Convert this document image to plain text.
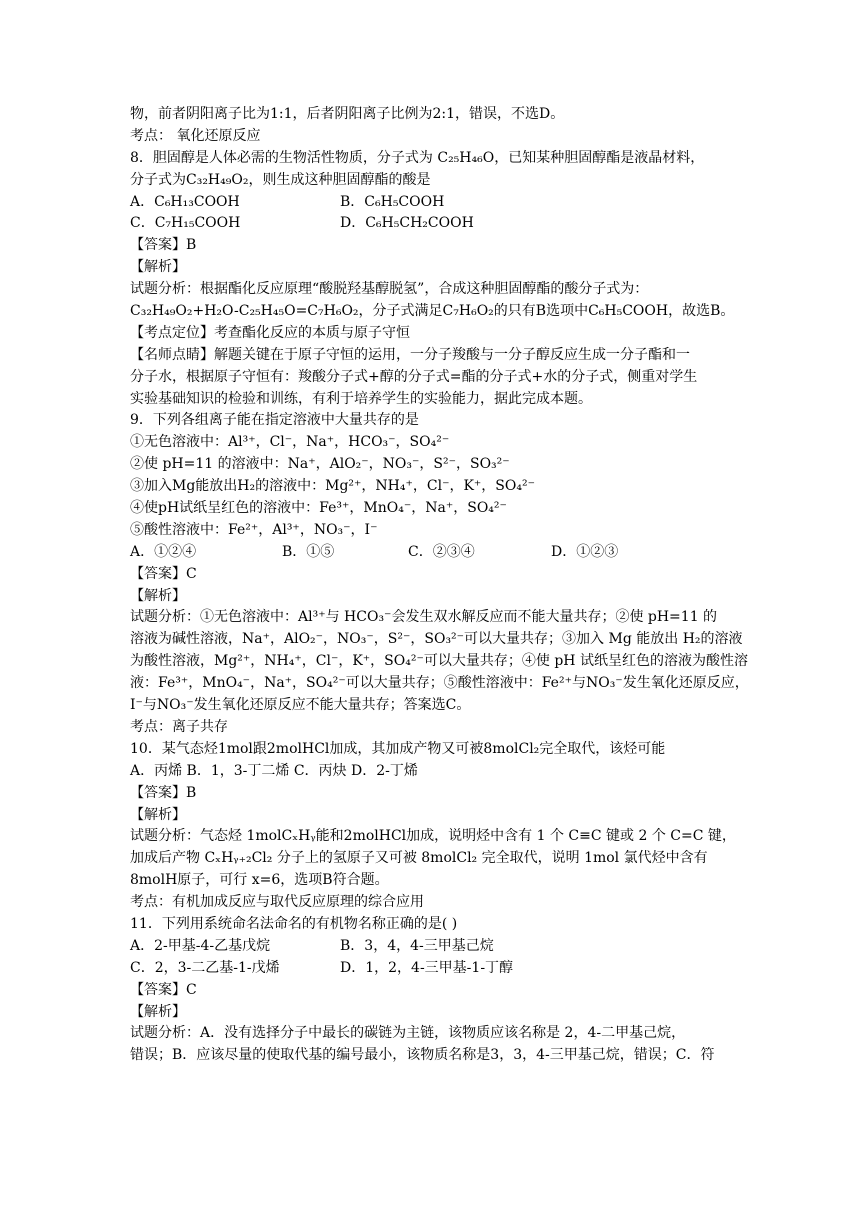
物，前者阴阳离子比为1:1，后者阴阳离子比例为2:1，错误，不选D。
考点： 氧化还原反应
8．胆固醇是人体必需的生物活性物质，分子式为 C₂₅H₄₆O，已知某种胆固醇酯是液晶材料，
分子式为C₃₂H₄₉O₂，则生成这种胆固醇酯的酸是
A．C₆H₁₃COOH	B．C₆H₅COOH
C．C₇H₁₅COOH	D．C₆H₅CH₂COOH
【答案】B
【解析】
试题分析：根据酯化反应原理“酸脱羟基醇脱氢”，合成这种胆固醇酯的酸分子式为：
C₃₂H₄₉O₂+H₂O-C₂₅H₄₅O=C₇H₆O₂，分子式满足C₇H₆O₂的只有B选项中C₆H₅COOH，故选B。
【考点定位】考查酯化反应的本质与原子守恒
【名师点睛】解题关键在于原子守恒的运用，一分子羧酸与一分子醇反应生成一分子酯和一
分子水，根据原子守恒有：羧酸分子式+醇的分子式=酯的分子式+水的分子式，侧重对学生
实验基础知识的检验和训练，有利于培养学生的实验能力，据此完成本题。
9．下列各组离子能在指定溶液中大量共存的是
①无色溶液中：Al³⁺，Cl⁻，Na⁺，HCO₃⁻，SO₄²⁻
②使 pH=11 的溶液中：Na⁺，AlO₂⁻，NO₃⁻，S²⁻，SO₃²⁻
③加入Mg能放出H₂的溶液中：Mg²⁺，NH₄⁺，Cl⁻，K⁺，SO₄²⁻
④使pH试纸呈红色的溶液中：Fe³⁺，MnO₄⁻，Na⁺，SO₄²⁻
⑤酸性溶液中：Fe²⁺，Al³⁺，NO₃⁻，I⁻
A．①②④	B．①⑤	C．②③④	D．①②③
【答案】C
【解析】
试题分析：①无色溶液中：Al³⁺与 HCO₃⁻会发生双水解反应而不能大量共存；②使 pH=11 的
溶液为碱性溶液，Na⁺，AlO₂⁻，NO₃⁻，S²⁻，SO₃²⁻可以大量共存；③加入 Mg 能放出 H₂的溶液
为酸性溶液，Mg²⁺，NH₄⁺，Cl⁻，K⁺，SO₄²⁻可以大量共存；④使 pH 试纸呈红色的溶液为酸性溶
液：Fe³⁺，MnO₄⁻，Na⁺，SO₄²⁻可以大量共存；⑤酸性溶液中：Fe²⁺与NO₃⁻发生氧化还原反应，
I⁻与NO₃⁻发生氧化还原反应不能大量共存；答案选C。
考点：离子共存
10．某气态烃1mol跟2molHCl加成，其加成产物又可被8molCl₂完全取代，该烃可能
A．丙烯 B．1，3-丁二烯 C．丙炔 D．2-丁烯
【答案】B
【解析】
试题分析：气态烃 1molCₓHᵧ能和2molHCl加成，说明烃中含有 1 个 C≡C 键或 2 个 C=C 键，
加成后产物 CₓHᵧ₊₂Cl₂ 分子上的氢原子又可被 8molCl₂ 完全取代，说明 1mol 氯代烃中含有
8molH原子，可行 x=6，选项B符合题。
考点：有机加成反应与取代反应原理的综合应用
11．下列用系统命名法命名的有机物名称正确的是( )
A．2-甲基-4-乙基戊烷	B．3，4，4-三甲基己烷
C．2，3-二乙基-1-戊烯	D．1，2，4-三甲基-1-丁醇
【答案】C
【解析】
试题分析：A．没有选择分子中最长的碳链为主链，该物质应该名称是 2，4-二甲基己烷，
错误；B．应该尽量的使取代基的编号最小，该物质名称是3，3，4-三甲基己烷，错误；C．符
